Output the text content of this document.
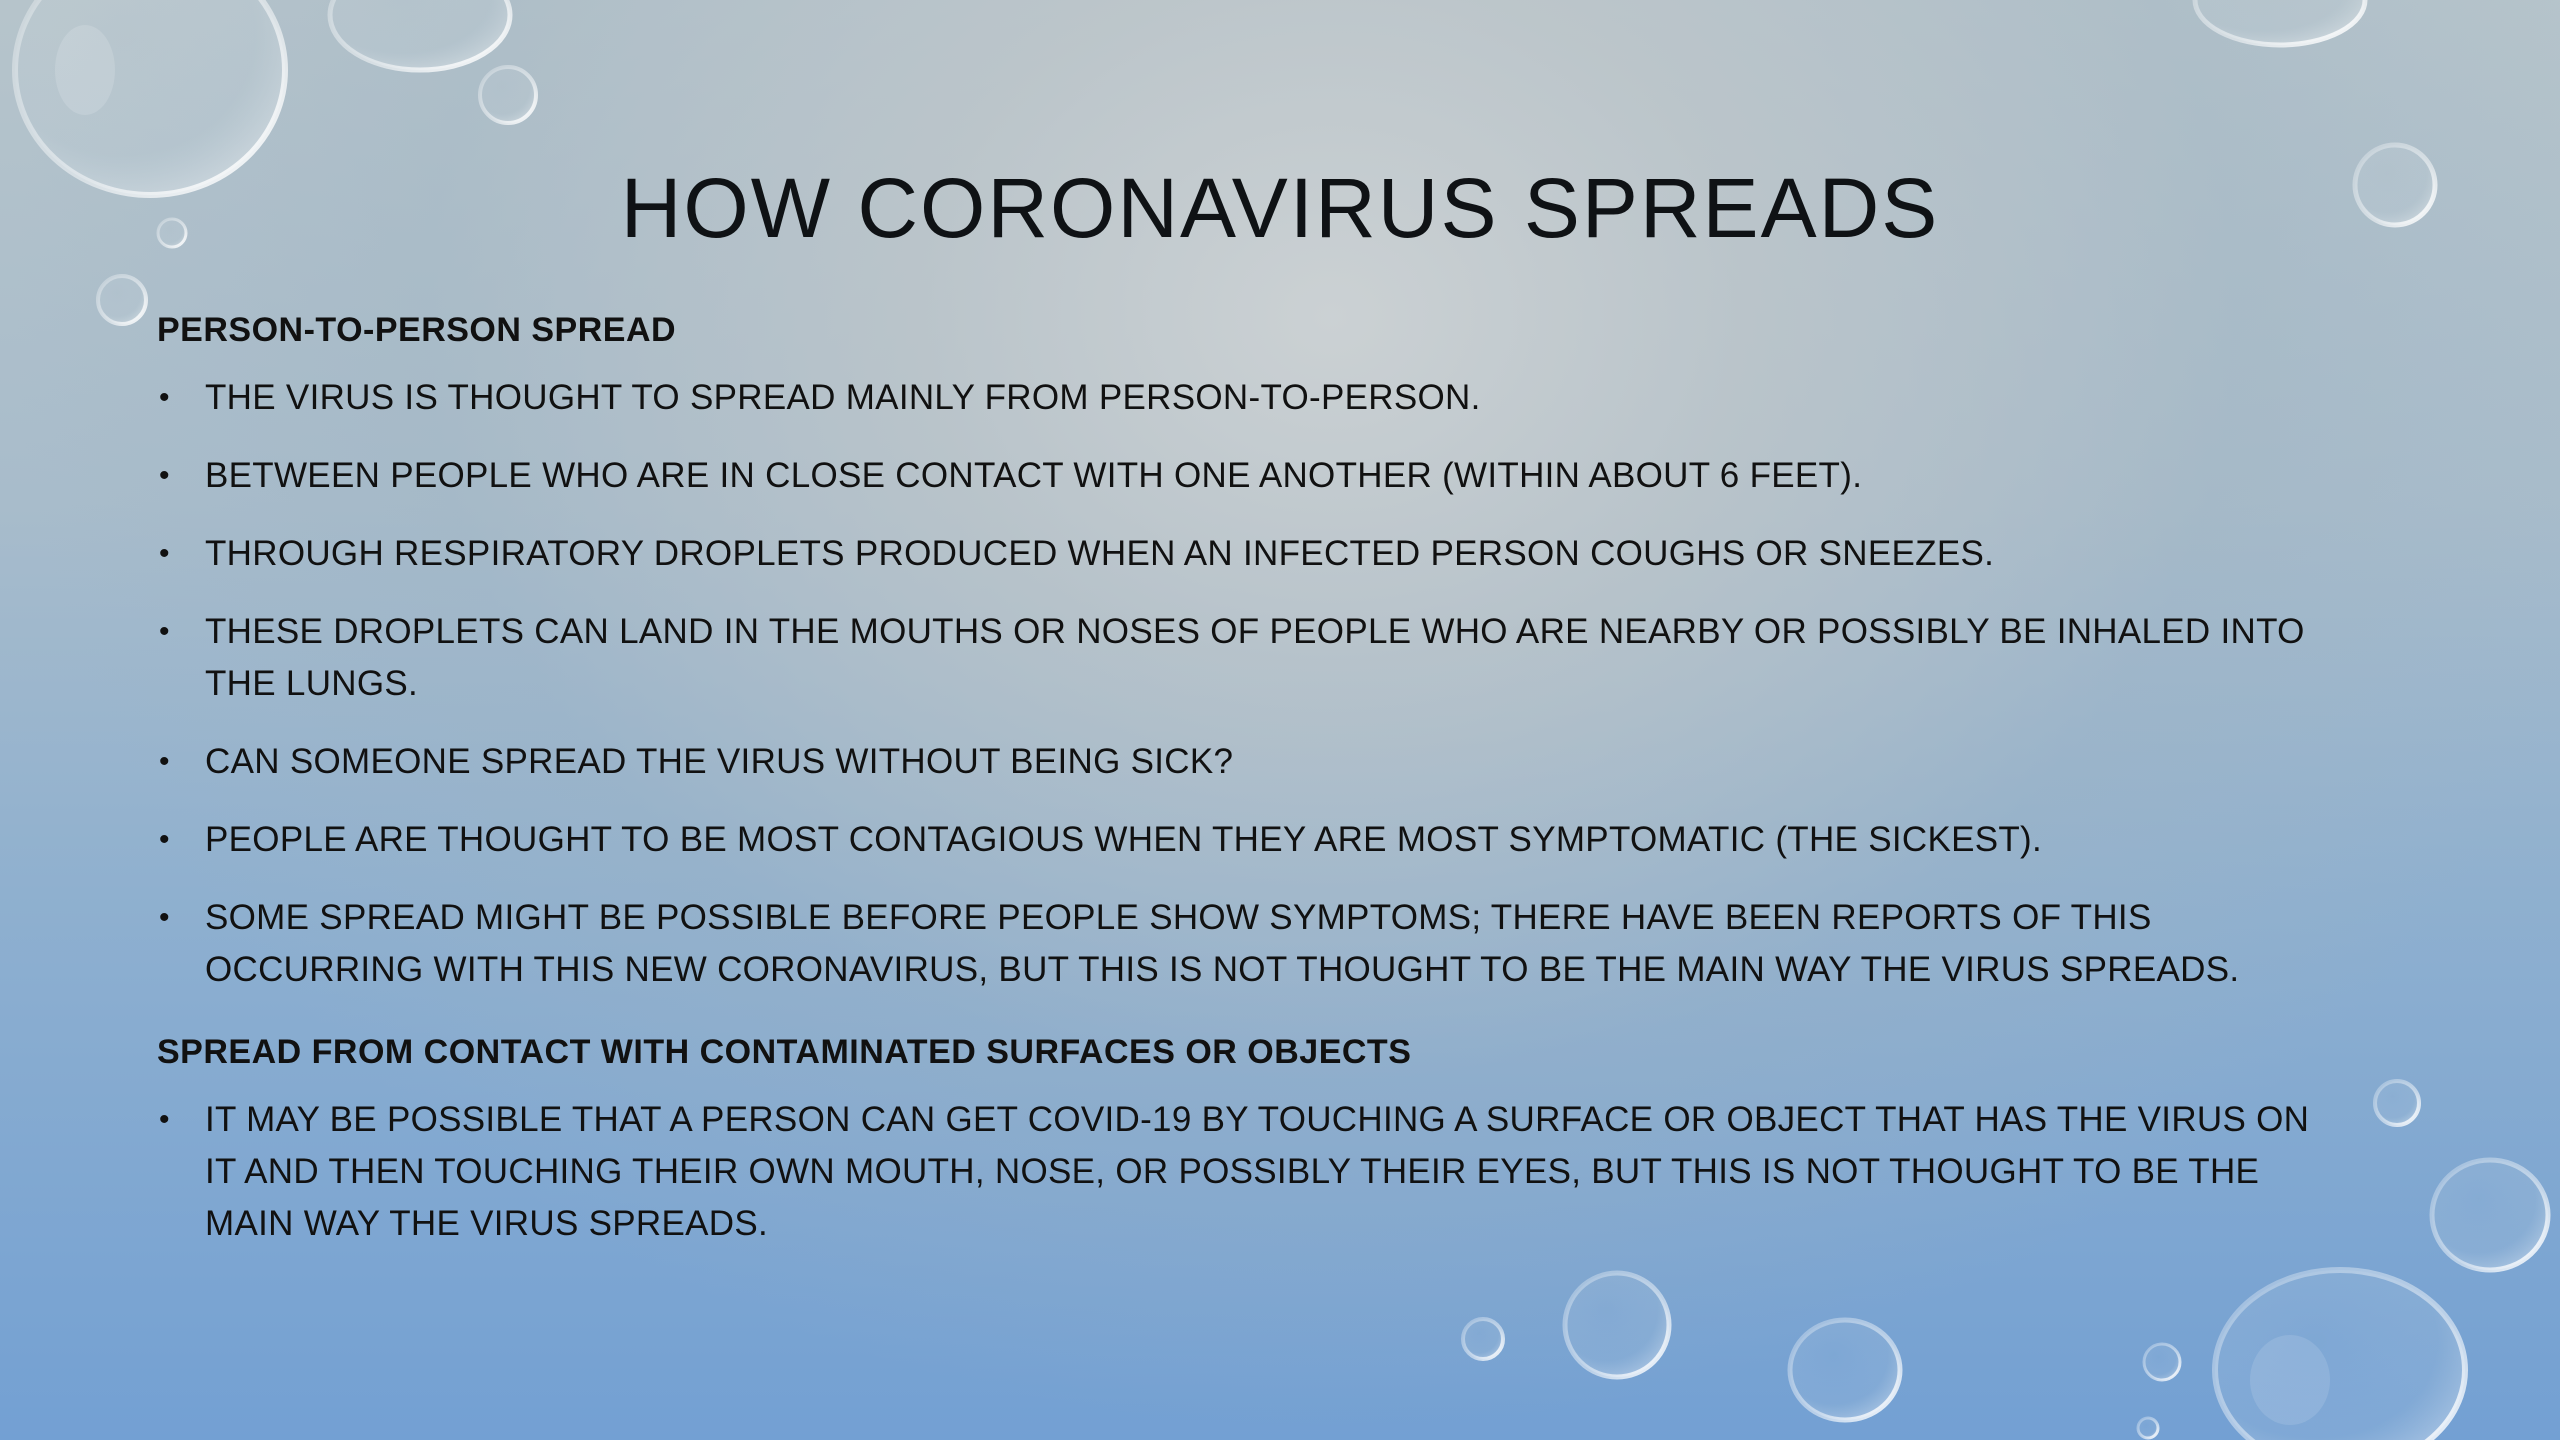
HOW CORONAVIRUS SPREADS
PERSON-TO-PERSON SPREAD
• THE VIRUS IS THOUGHT TO SPREAD MAINLY FROM PERSON-TO-PERSON.
• BETWEEN PEOPLE WHO ARE IN CLOSE CONTACT WITH ONE ANOTHER (WITHIN ABOUT 6 FEET).
• THROUGH RESPIRATORY DROPLETS PRODUCED WHEN AN INFECTED PERSON COUGHS OR SNEEZES.
• THESE DROPLETS CAN LAND IN THE MOUTHS OR NOSES OF PEOPLE WHO ARE NEARBY OR POSSIBLY BE INHALED INTO THE LUNGS.
• CAN SOMEONE SPREAD THE VIRUS WITHOUT BEING SICK?
• PEOPLE ARE THOUGHT TO BE MOST CONTAGIOUS WHEN THEY ARE MOST SYMPTOMATIC (THE SICKEST).
• SOME SPREAD MIGHT BE POSSIBLE BEFORE PEOPLE SHOW SYMPTOMS; THERE HAVE BEEN REPORTS OF THIS OCCURRING WITH THIS NEW CORONAVIRUS, BUT THIS IS NOT THOUGHT TO BE THE MAIN WAY THE VIRUS SPREADS.
SPREAD FROM CONTACT WITH CONTAMINATED SURFACES OR OBJECTS
• IT MAY BE POSSIBLE THAT A PERSON CAN GET COVID-19 BY TOUCHING A SURFACE OR OBJECT THAT HAS THE VIRUS ON IT AND THEN TOUCHING THEIR OWN MOUTH, NOSE, OR POSSIBLY THEIR EYES, BUT THIS IS NOT THOUGHT TO BE THE MAIN WAY THE VIRUS SPREADS.
